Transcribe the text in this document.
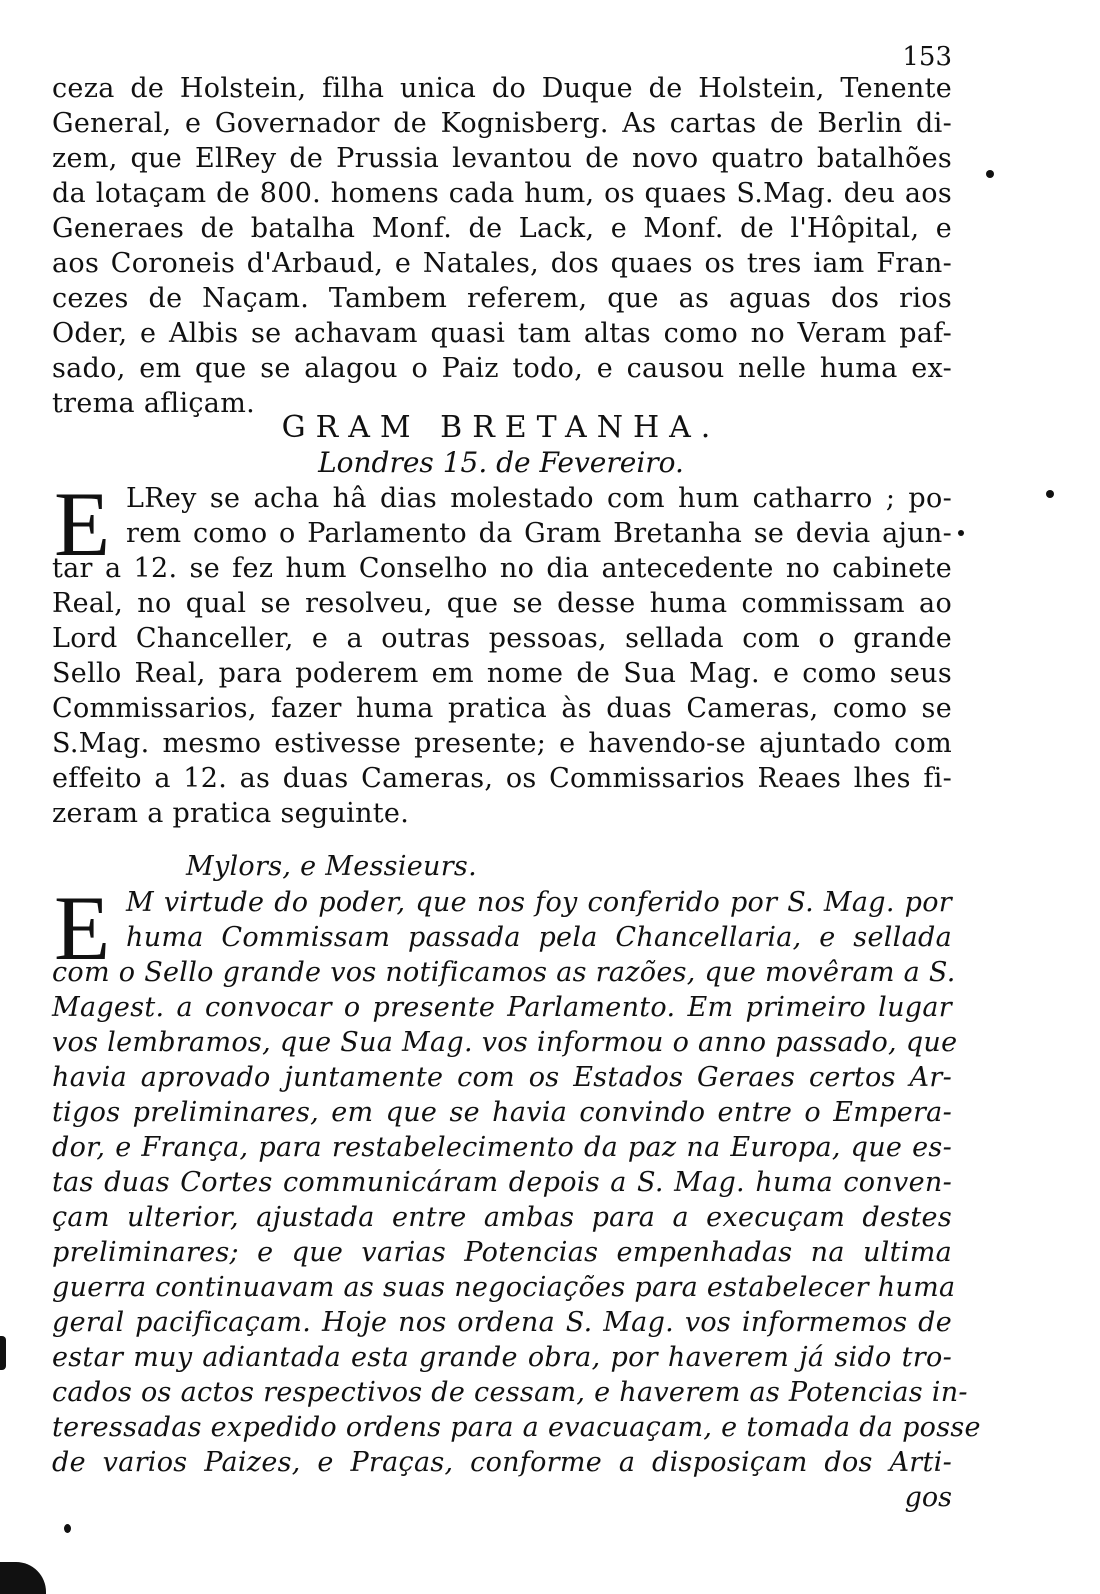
153
ceza de Holstein, filha unica do Duque de Holstein, Tenente
General, e Governador de Kognisberg. As cartas de Berlin di-
zem, que ElRey de Prussia levantou de novo quatro batalhões
da lotaçam de 800. homens cada hum, os quaes S.Mag. deu aos
Generaes de batalha Monf. de Lack, e Monf. de l'Hôpital, e
aos Coroneis d'Arbaud, e Natales, dos quaes os tres iam Fran-
cezes de Naçam. Tambem referem, que as aguas dos rios
Oder, e Albis se achavam quasi tam altas como no Veram paf-
sado, em que se alagou o Paiz todo, e causou nelle huma ex-
trema afliçam.
GRAM BRETANHA.
Londres 15. de Fevereiro.
E LRey se acha hâ dias molestado com hum catharro ; po-
rem como o Parlamento da Gram Bretanha se devia ajun-
tar a 12. se fez hum Conselho no dia antecedente no cabinete
Real, no qual se resolveu, que se desse huma commissam ao
Lord Chanceller, e a outras pessoas, sellada com o grande
Sello Real, para poderem em nome de Sua Mag. e como seus
Commissarios, fazer huma pratica às duas Cameras, como se
S.Mag. mesmo estivesse presente; e havendo-se ajuntado com
effeito a 12. as duas Cameras, os Commissarios Reaes lhes fi-
zeram a pratica seguinte.
Mylors, e Messieurs.
E M virtude do poder, que nos foy conferido por S. Mag. por
huma Commissam passada pela Chancellaria, e sellada
com o Sello grande vos notificamos as razões, que movêram a S.
Magest. a convocar o presente Parlamento. Em primeiro lugar
vos lembramos, que Sua Mag. vos informou o anno passado, que
havia aprovado juntamente com os Estados Geraes certos Ar-
tigos preliminares, em que se havia convindo entre o Empera-
dor, e França, para restabelecimento da paz na Europa, que es-
tas duas Cortes communicáram depois a S. Mag. huma conven-
çam ulterior, ajustada entre ambas para a execuçam destes
preliminares; e que varias Potencias empenhadas na ultima
guerra continuavam as suas negociações para estabelecer huma
geral pacificaçam. Hoje nos ordena S. Mag. vos informemos de
estar muy adiantada esta grande obra, por haverem já sido tro-
cados os actos respectivos de cessam, e haverem as Potencias in-
teressadas expedido ordens para a evacuaçam, e tomada da posse
de varios Paizes, e Praças, conforme a disposiçam dos Arti-
gos
